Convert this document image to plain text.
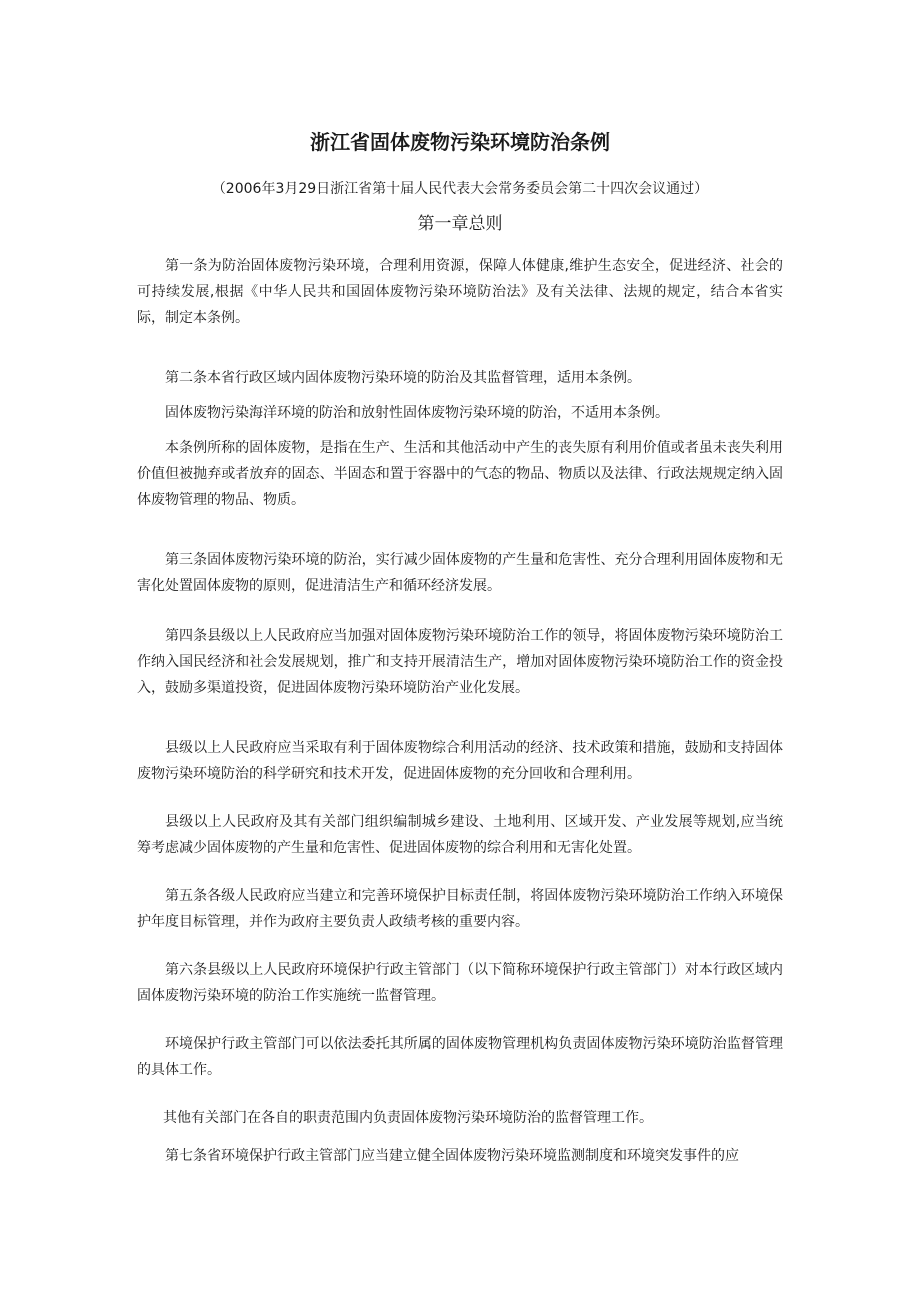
浙江省固体废物污染环境防治条例
（2006年3月29日浙江省第十届人民代表大会常务委员会第二十四次会议通过）
第一章总则

第一条为防治固体废物污染环境，合理利用资源，保障人体健康,维护生态安全，促进经济、社会的可持续发展,根据《中华人民共和国固体废物污染环境防治法》及有关法律、法规的规定，结合本省实际，制定本条例。

第二条本省行政区域内固体废物污染环境的防治及其监督管理，适用本条例。

固体废物污染海洋环境的防治和放射性固体废物污染环境的防治，不适用本条例。

本条例所称的固体废物，是指在生产、生活和其他活动中产生的丧失原有利用价值或者虽未丧失利用价值但被抛弃或者放弃的固态、半固态和置于容器中的气态的物品、物质以及法律、行政法规规定纳入固体废物管理的物品、物质。

第三条固体废物污染环境的防治，实行减少固体废物的产生量和危害性、充分合理利用固体废物和无害化处置固体废物的原则，促进清洁生产和循环经济发展。

第四条县级以上人民政府应当加强对固体废物污染环境防治工作的领导，将固体废物污染环境防治工作纳入国民经济和社会发展规划，推广和支持开展清洁生产，增加对固体废物污染环境防治工作的资金投入，鼓励多渠道投资，促进固体废物污染环境防治产业化发展。

县级以上人民政府应当采取有利于固体废物综合利用活动的经济、技术政策和措施，鼓励和支持固体废物污染环境防治的科学研究和技术开发，促进固体废物的充分回收和合理利用。

县级以上人民政府及其有关部门组织编制城乡建设、土地利用、区域开发、产业发展等规划,应当统筹考虑减少固体废物的产生量和危害性、促进固体废物的综合利用和无害化处置。

第五条各级人民政府应当建立和完善环境保护目标责任制，将固体废物污染环境防治工作纳入环境保护年度目标管理，并作为政府主要负责人政绩考核的重要内容。

第六条县级以上人民政府环境保护行政主管部门（以下简称环境保护行政主管部门）对本行政区域内固体废物污染环境的防治工作实施统一监督管理。

环境保护行政主管部门可以依法委托其所属的固体废物管理机构负责固体废物污染环境防治监督管理的具体工作。

其他有关部门在各自的职责范围内负责固体废物污染环境防治的监督管理工作。

第七条省环境保护行政主管部门应当建立健全固体废物污染环境监测制度和环境突发事件的应
